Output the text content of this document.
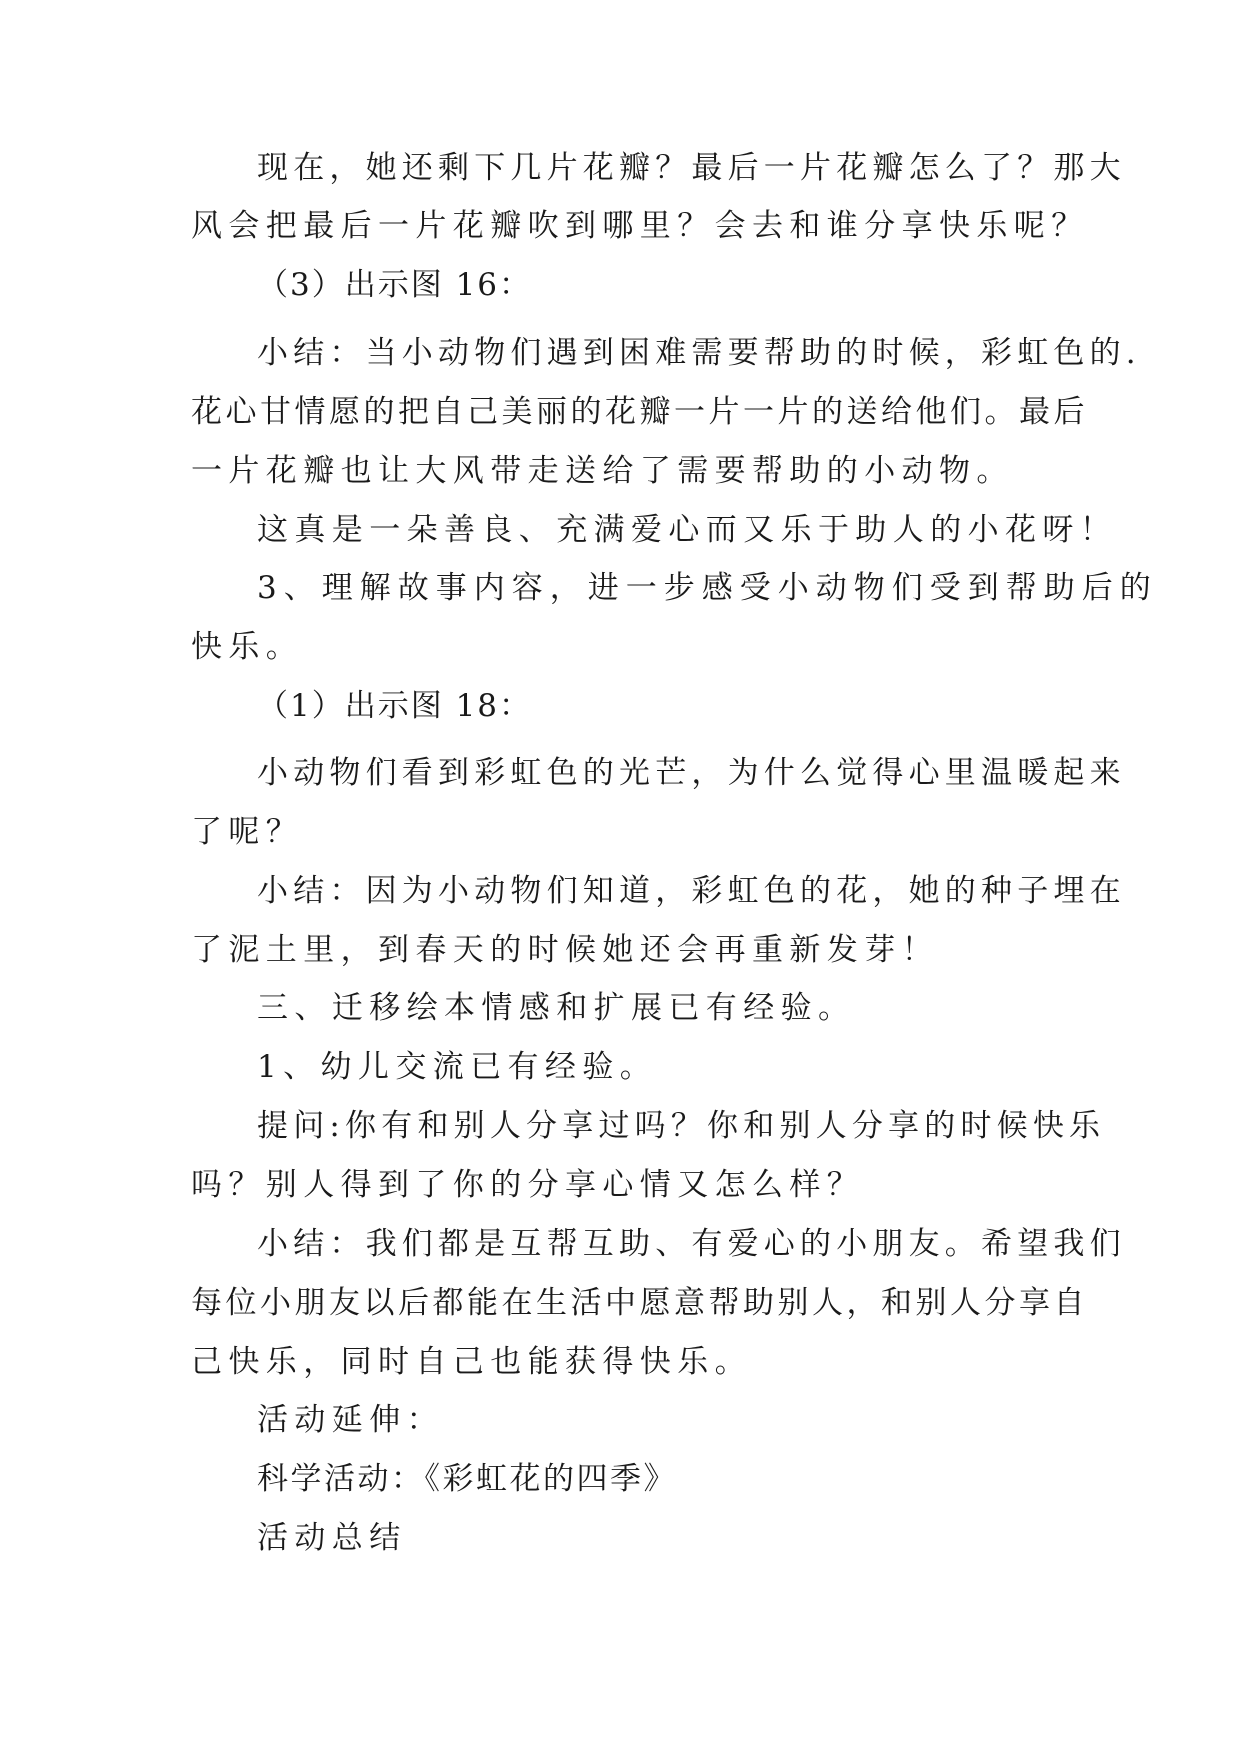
现在，她还剩下几片花瓣？最后一片花瓣怎么了？那大
风会把最后一片花瓣吹到哪里？会去和谁分享快乐呢？
（3）出示图 16：
小结：当小动物们遇到困难需要帮助的时候，彩虹色的.
花心甘情愿的把自己美丽的花瓣一片一片的送给他们。最后
一片花瓣也让大风带走送给了需要帮助的小动物。
这真是一朵善良、充满爱心而又乐于助人的小花呀！
3、理解故事内容，进一步感受小动物们受到帮助后的
快乐。
（1）出示图 18：
小动物们看到彩虹色的光芒，为什么觉得心里温暖起来
了呢？
小结：因为小动物们知道，彩虹色的花，她的种子埋在
了泥土里，到春天的时候她还会再重新发芽！
三、迁移绘本情感和扩展已有经验。
1、幼儿交流已有经验。
提问:你有和别人分享过吗？你和别人分享的时候快乐
吗？别人得到了你的分享心情又怎么样？
小结：我们都是互帮互助、有爱心的小朋友。希望我们
每位小朋友以后都能在生活中愿意帮助别人，和别人分享自
己快乐，同时自己也能获得快乐。
活动延伸：
科学活动：《彩虹花的四季》
活动总结
